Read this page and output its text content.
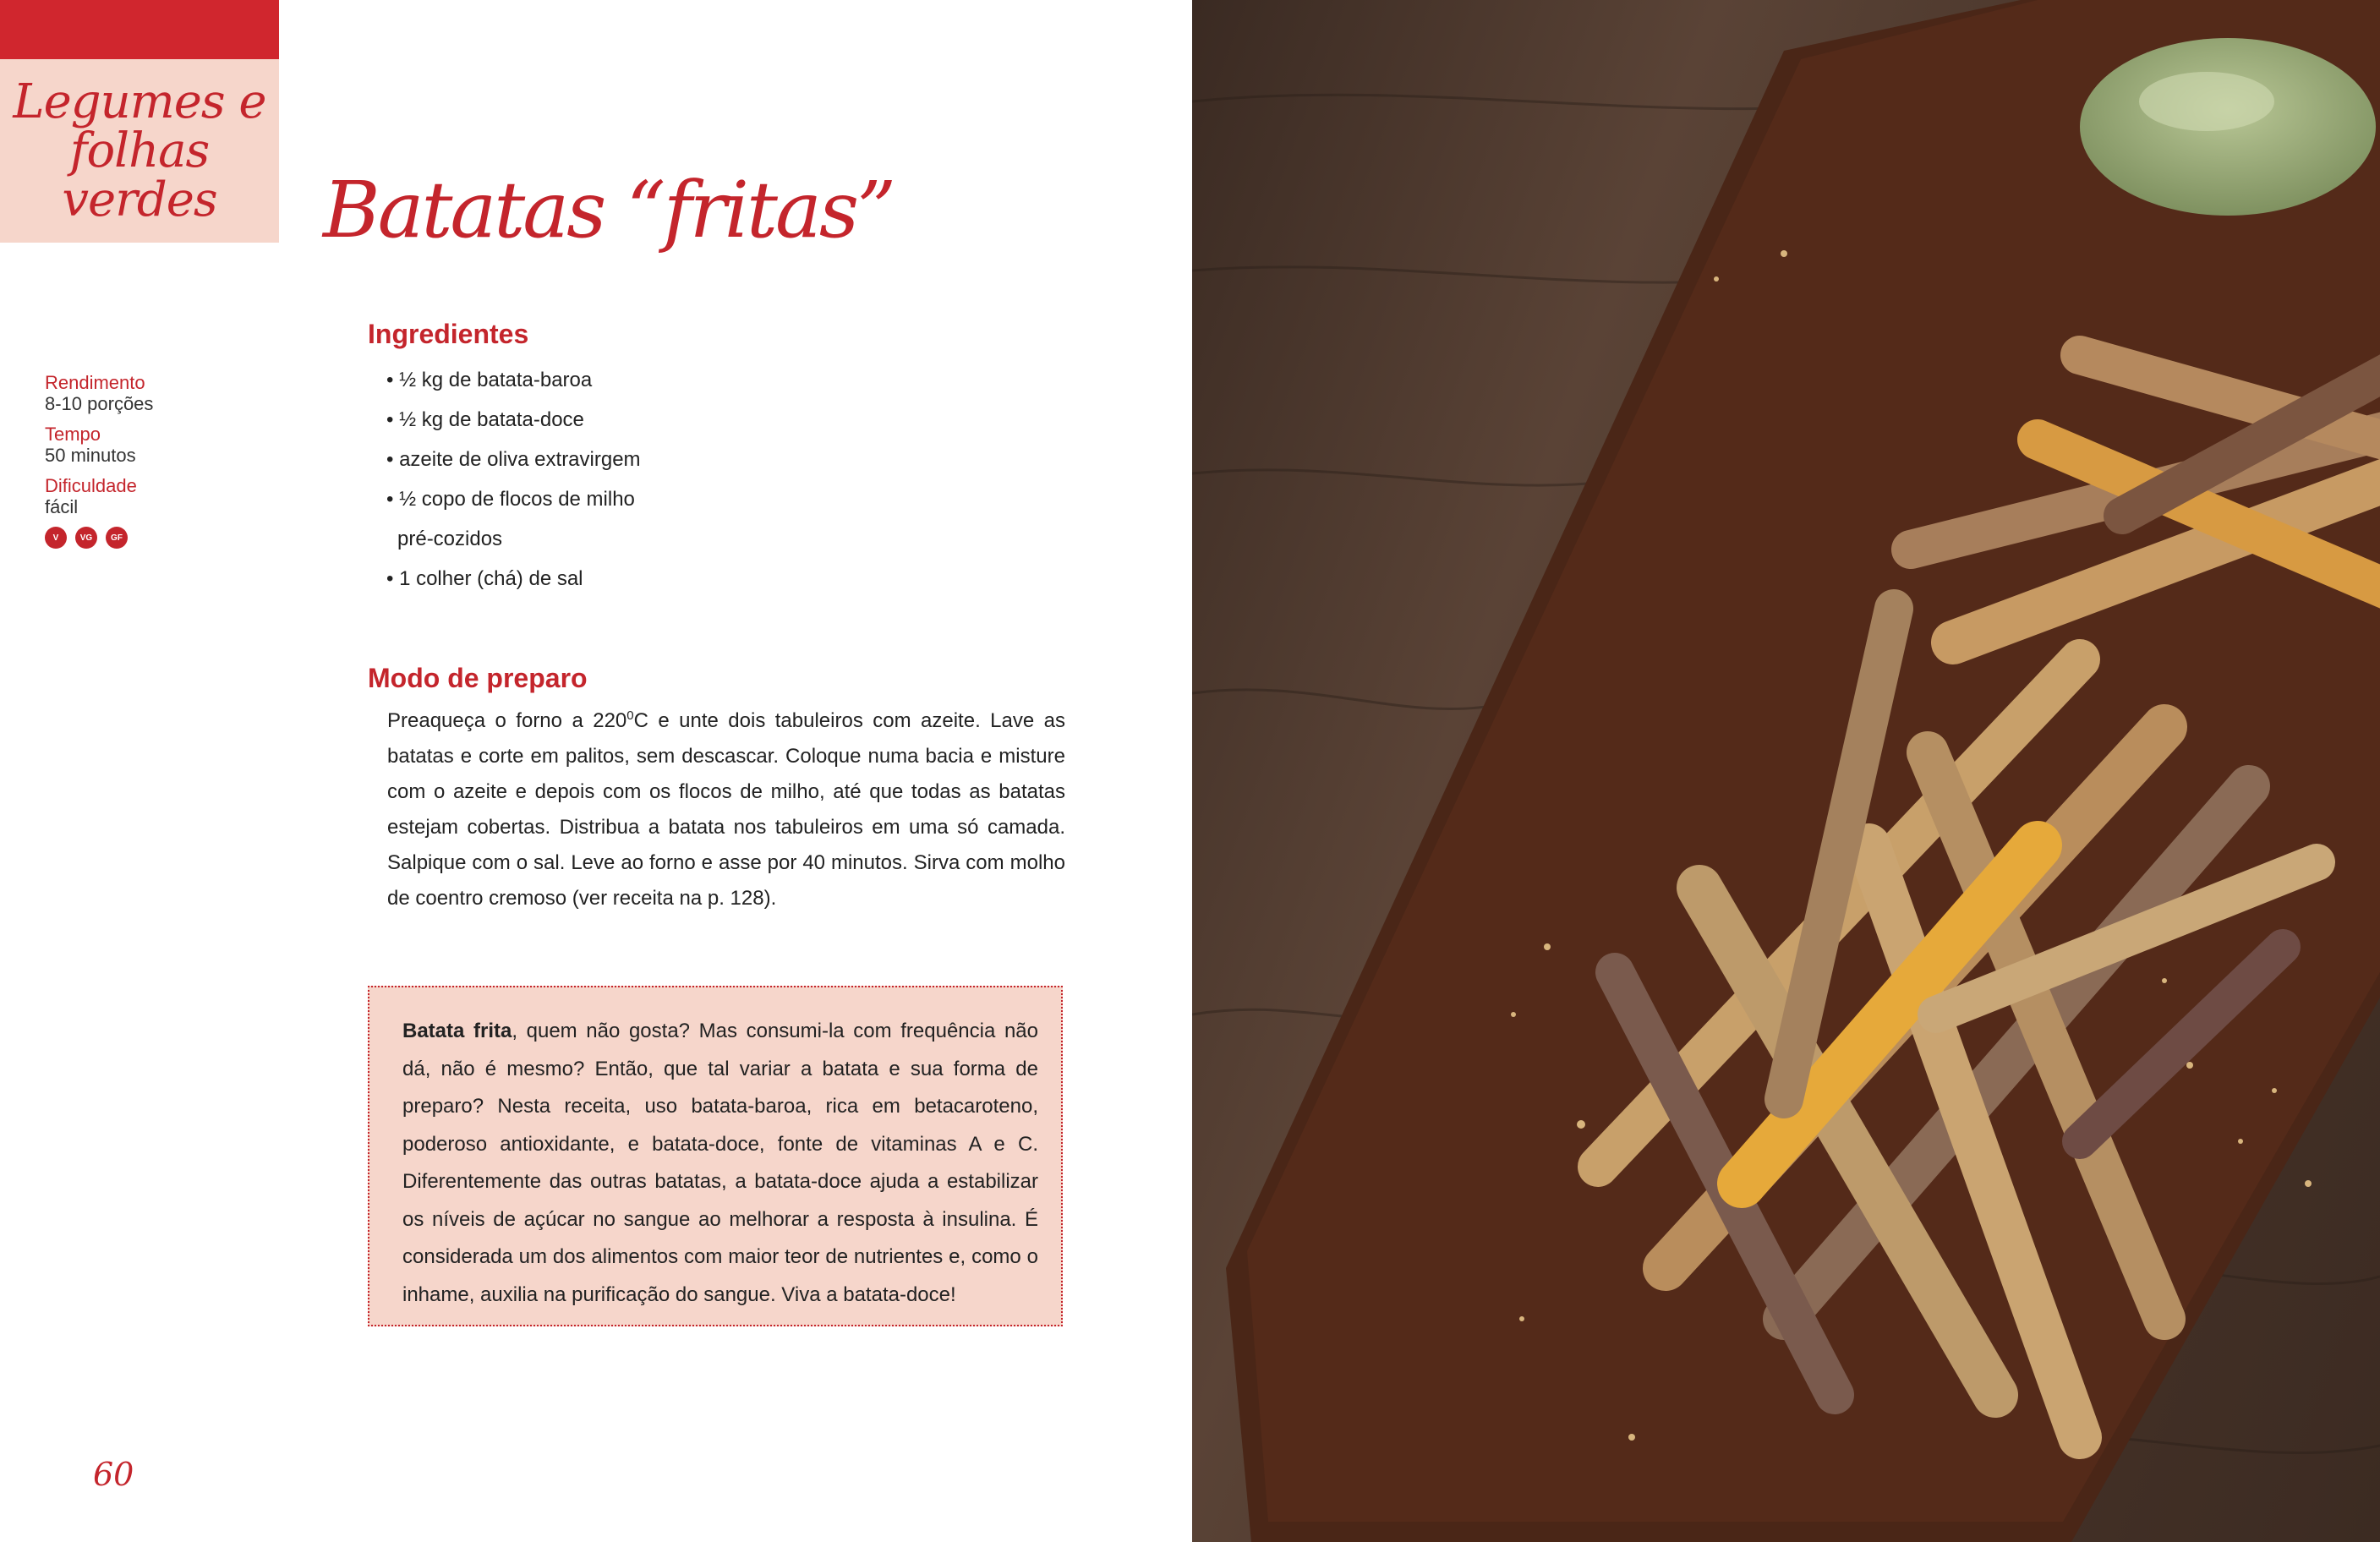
Legumes e
folhas verdes	Batatas “fritas”
Rendimento
8-10 porções
Tempo
50 minutos
Dificuldade
fácil
V	VG	GF
Ingredientes
• ½ kg de batata-baroa
• ½ kg de batata-doce
• azeite de oliva extravirgem
• ½ copo de flocos de milho
pré-cozidos
• 1 colher (chá) de sal
Modo de preparo
Preaqueça o forno a $220^0C$ e unte dois tabuleiros com azeite. Lave as batatas e corte em palitos, sem descascar. Coloque numa bacia e misture com o azeite e depois com os flocos de milho, até que todas as batatas estejam cobertas. Distribua a batata nos tabuleiros em uma só camada. Salpique com o sal. Leve ao forno e asse por 40 minutos. Sirva com molho de coentro cremoso (ver receita na p. 128).
Batata frita, quem não gosta? Mas consumi-la com frequência não dá, não é mesmo? Então, que tal variar a batata e sua forma de preparo? Nesta receita, uso batata-baroa, rica em betacaroteno, poderoso antioxidante, e batata-doce, fonte de vitaminas A e C. Diferentemente das outras batatas, a batata-doce ajuda a estabilizar os níveis de açúcar no sangue ao melhorar a resposta à insulina. É considerada um dos alimentos com maior teor de nutrientes e, como o inhame, auxilia na purificação do sangue. Viva a batata-doce!
60
